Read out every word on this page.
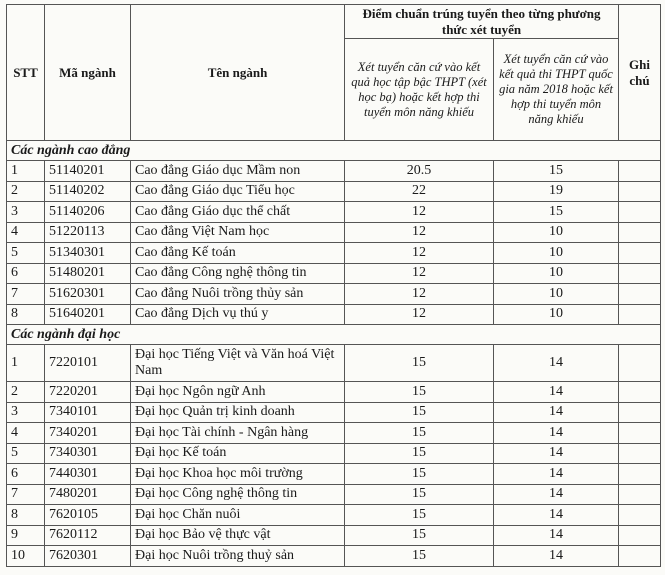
STT	Mã ngành	Tên ngành	Điểm chuẩn trúng tuyển theo từng phương thức xét tuyển		Ghi chú
			Xét tuyển căn cứ vào kết quả học tập bậc THPT (xét học bạ) hoặc kết hợp thi tuyển môn năng khiếu	Xét tuyển căn cứ vào kết quả thi THPT quốc gia năm 2018 hoặc kết hợp thi tuyển môn năng khiếu	
Các ngành cao đẳng					
1	51140201	Cao đẳng Giáo dục Mầm non	20.5	15	
2	51140202	Cao đẳng Giáo dục Tiểu học	22	19	
3	51140206	Cao đẳng Giáo dục thể chất	12	15	
4	51220113	Cao đẳng Việt Nam học	12	10	
5	51340301	Cao đẳng Kế toán	12	10	
6	51480201	Cao đẳng Công nghệ thông tin	12	10	
7	51620301	Cao đẳng Nuôi trồng thủy sản	12	10	
8	51640201	Cao đẳng Dịch vụ thú y	12	10	
Các ngành đại học					
1	7220101	Đại học Tiếng Việt và Văn hoá Việt Nam	15	14	
2	7220201	Đại học Ngôn ngữ Anh	15	14	
3	7340101	Đại học Quản trị kinh doanh	15	14	
4	7340201	Đại học Tài chính - Ngân hàng	15	14	
5	7340301	Đại học Kế toán	15	14	
6	7440301	Đại học Khoa học môi trường	15	14	
7	7480201	Đại học Công nghệ thông tin	15	14	
8	7620105	Đại học Chăn nuôi	15	14	
9	7620112	Đại học Bảo vệ thực vật	15	14	
10	7620301	Đại học Nuôi trồng thuỷ sản	15	14	
